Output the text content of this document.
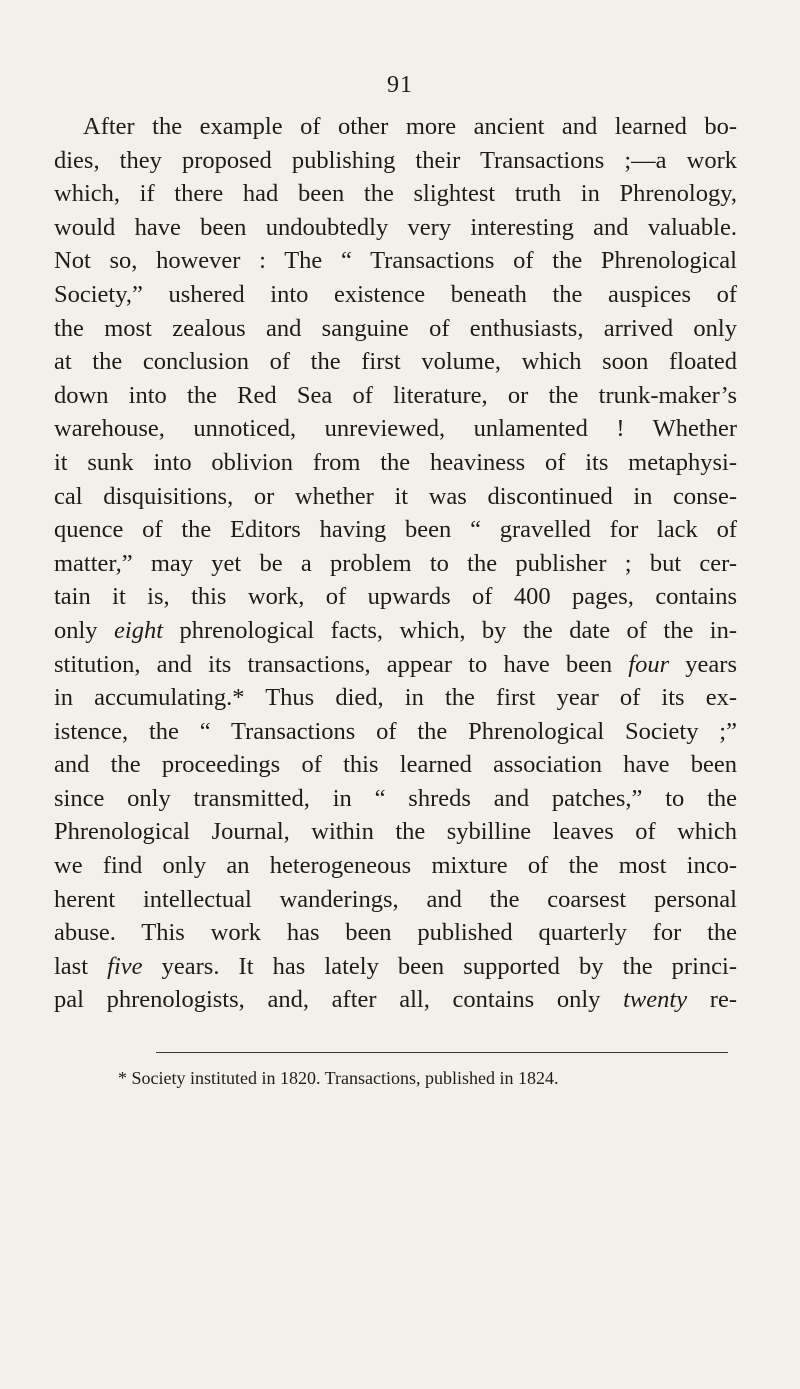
91
After the example of other more ancient and learned bo-
dies, they proposed publishing their Transactions ;—a work
which, if there had been the slightest truth in Phrenology,
would have been undoubtedly very interesting and valuable.
Not so, however : The “ Transactions of the Phrenological
Society,” ushered into existence beneath the auspices of
the most zealous and sanguine of enthusiasts, arrived only
at the conclusion of the first volume, which soon floated
down into the Red Sea of literature, or the trunk-maker’s
warehouse, unnoticed, unreviewed, unlamented ! Whether
it sunk into oblivion from the heaviness of its metaphysi-
cal disquisitions, or whether it was discontinued in conse-
quence of the Editors having been “ gravelled for lack of
matter,” may yet be a problem to the publisher ; but cer-
tain it is, this work, of upwards of 400 pages, contains
only eight phrenological facts, which, by the date of the in-
stitution, and its transactions, appear to have been four years
in accumulating.* Thus died, in the first year of its ex-
istence, the “ Transactions of the Phrenological Society ;”
and the proceedings of this learned association have been
since only transmitted, in “ shreds and patches,” to the
Phrenological Journal, within the sybilline leaves of which
we find only an heterogeneous mixture of the most inco-
herent intellectual wanderings, and the coarsest personal
abuse. This work has been published quarterly for the
last five years. It has lately been supported by the princi-
pal phrenologists, and, after all, contains only twenty re-
* Society instituted in 1820. Transactions, published in 1824.
